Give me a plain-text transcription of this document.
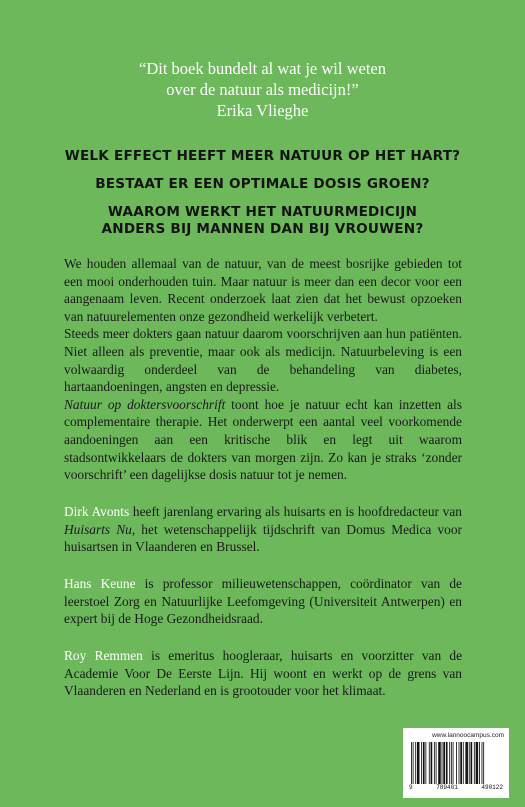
“Dit boek bundelt al wat je wil weten
over de natuur als medicijn!”
Erika Vlieghe
WELK EFFECT HEEFT MEER NATUUR OP HET HART?
BESTAAT ER EEN OPTIMALE DOSIS GROEN?
WAAROM WERKT HET NATUURMEDICIJN
ANDERS BIJ MANNEN DAN BIJ VROUWEN?

We houden allemaal van de natuur, van de meest bosrijke gebieden tot een mooi onderhouden tuin. Maar natuur is meer dan een decor voor een aangenaam leven. Recent onderzoek laat zien dat het bewust opzoeken van natuurelementen onze gezondheid werkelijk verbetert.

Steeds meer dokters gaan natuur daarom voorschrijven aan hun patiënten. Niet alleen als preventie, maar ook als medicijn. Natuurbeleving is een volwaardig onderdeel van de behandeling van diabetes, hartaandoeningen, angsten en depressie.

Natuur op doktersvoorschrift toont hoe je natuur echt kan inzetten als complementaire therapie. Het onderwerpt een aantal veel voorkomende aandoeningen aan een kritische blik en legt uit waarom stadsontwikkelaars de dokters van morgen zijn. Zo kan je straks ‘zonder voorschrift’ een dagelijkse dosis natuur tot je nemen.

Dirk Avonts heeft jarenlang ervaring als huisarts en is hoofdredacteur van Huisarts Nu, het wetenschappelijk tijdschrift van Domus Medica voor huisartsen in Vlaanderen en Brussel.

Hans Keune is professor milieuwetenschappen, coördinator van de leerstoel Zorg en Natuurlijke Leefomgeving (Universiteit Antwerpen) en expert bij de Hoge Gezondheidsraad.

Roy Remmen is emeritus hoogleraar, huisarts en voorzitter van de Academie Voor De Eerste Lijn. Hij woont en werkt op de grens van Vlaanderen en Nederland en is grootouder voor het klimaat.

www.lannoocampus.com
9	789401	490122
